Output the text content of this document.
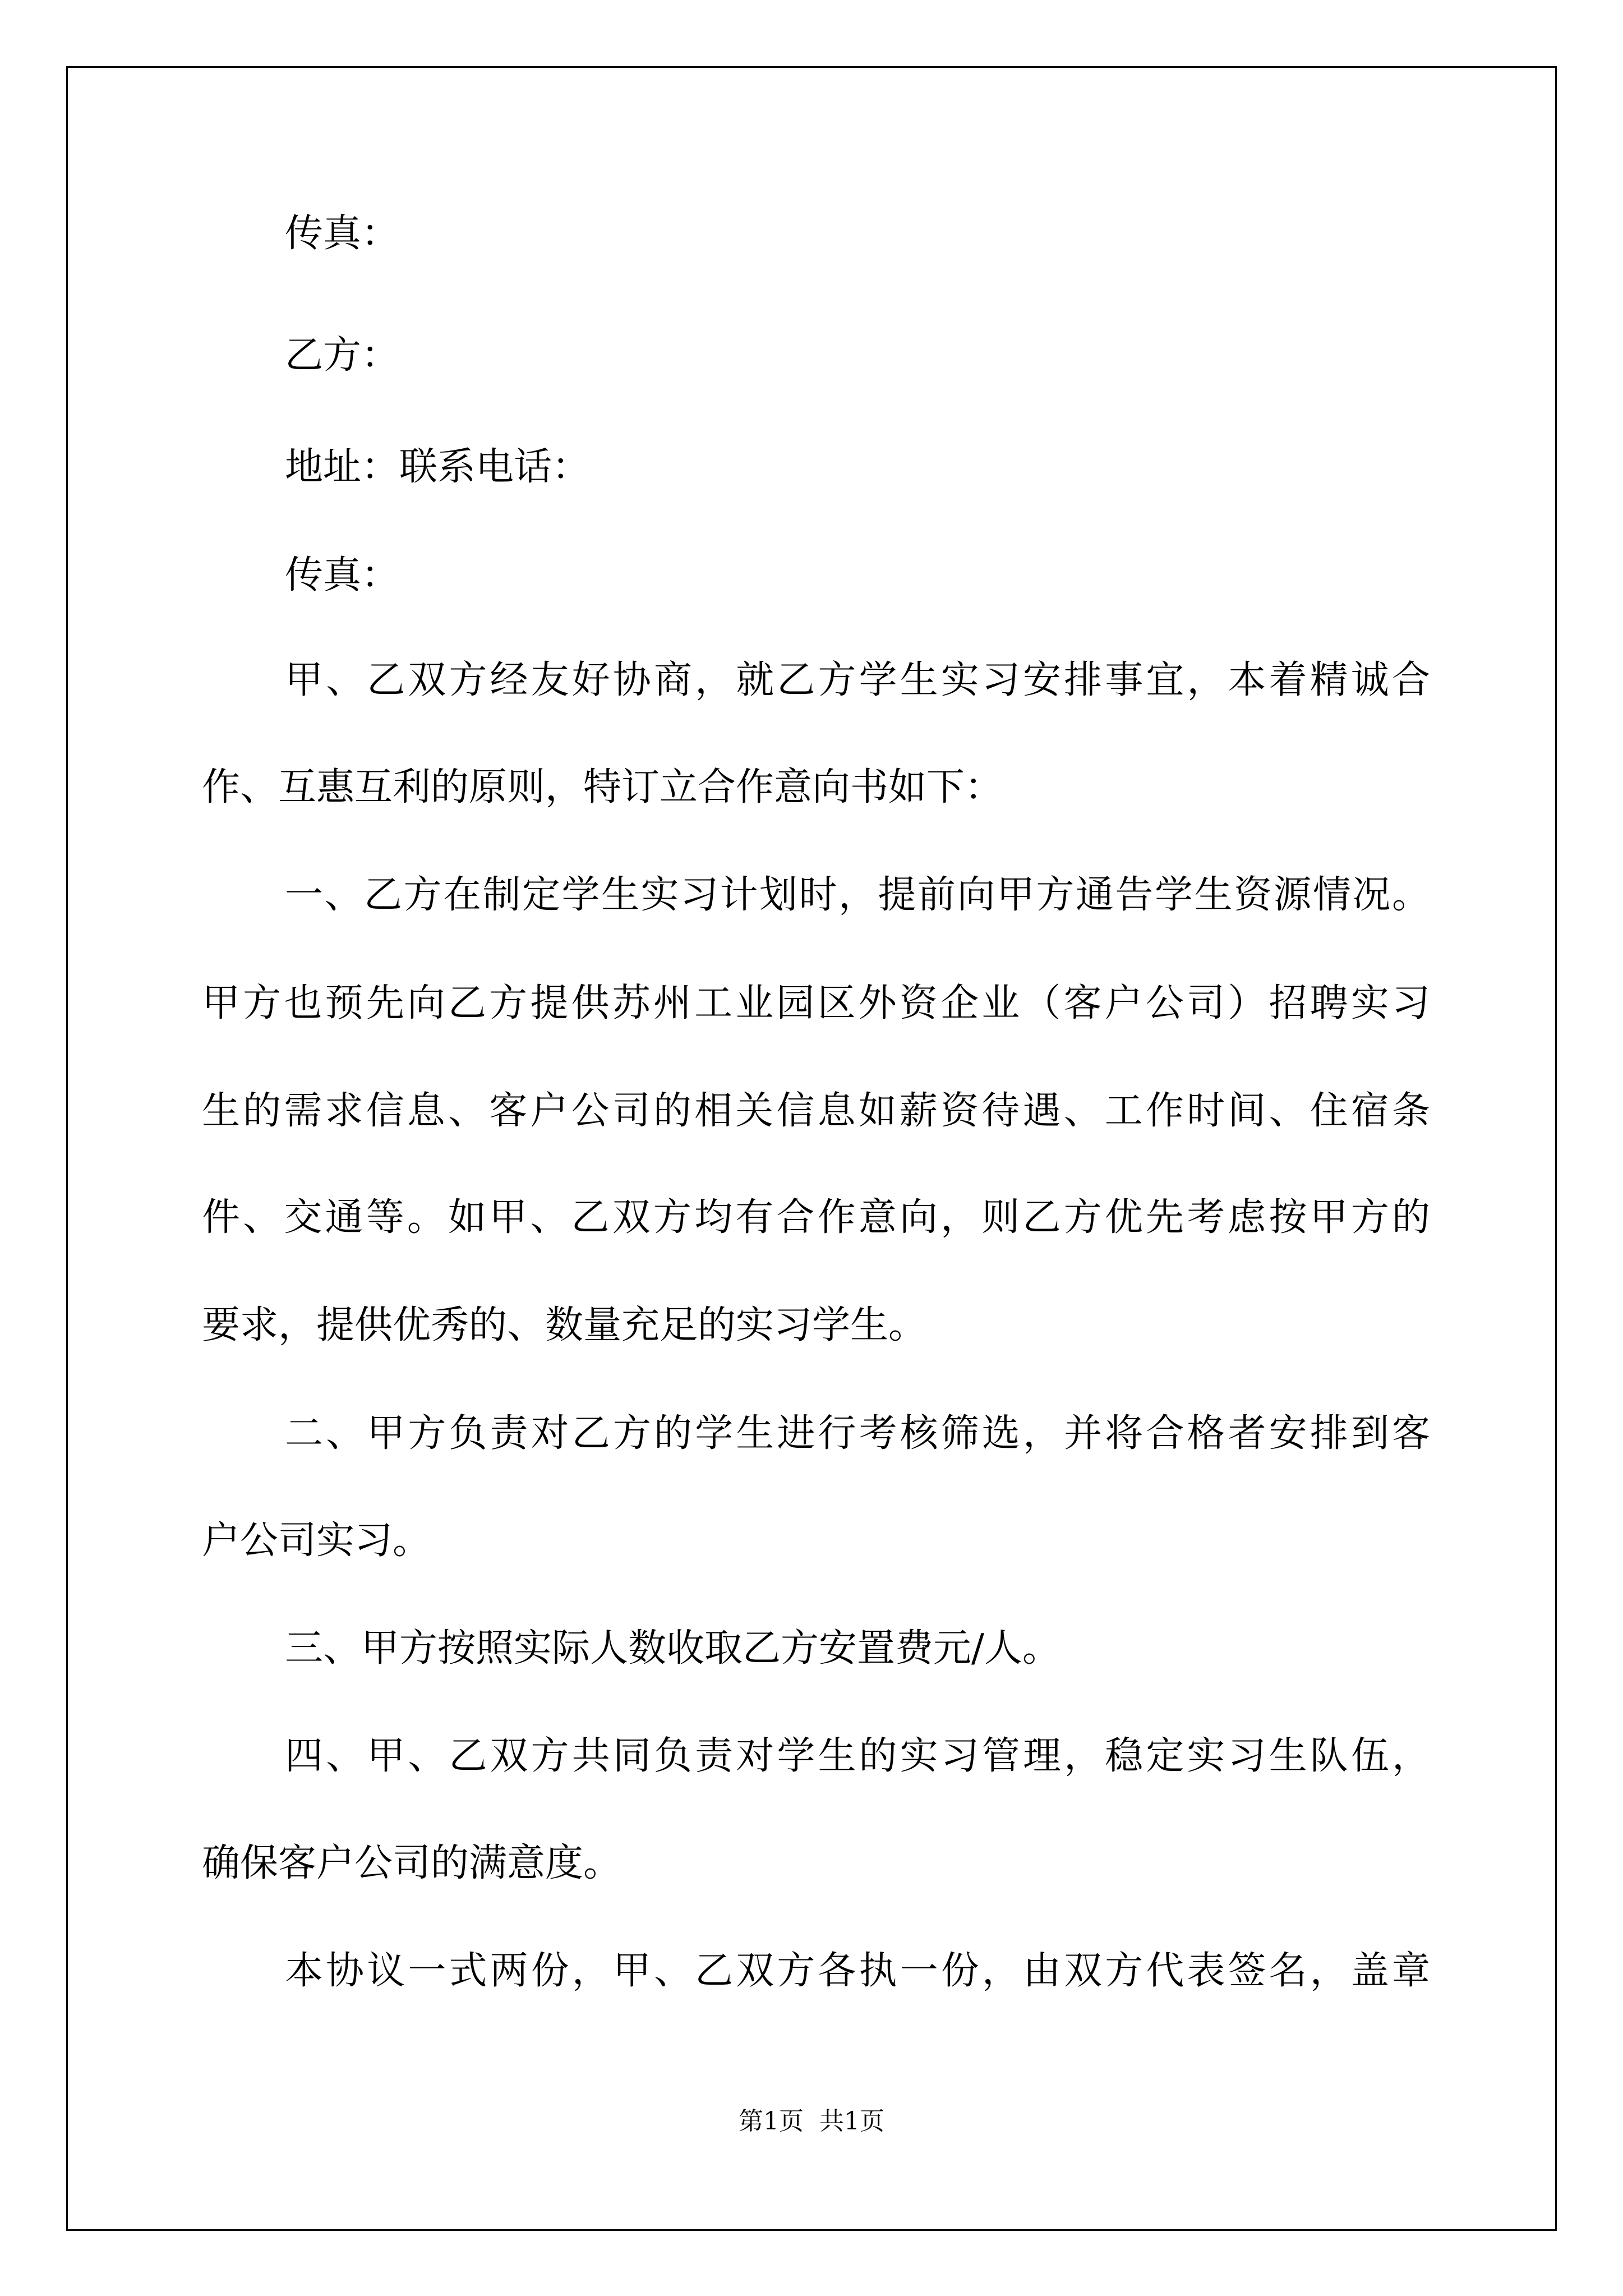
传真：
乙方：
地址：联系电话：
传真：
甲、乙双方经友好协商，就乙方学生实习安排事宜，本着精诚合
作、互惠互利的原则，特订立合作意向书如下：
一、乙方在制定学生实习计划时，提前向甲方通告学生资源情况。
甲方也预先向乙方提供苏州工业园区外资企业（客户公司）招聘实习
生的需求信息、客户公司的相关信息如薪资待遇、工作时间、住宿条
件、交通等。如甲、乙双方均有合作意向，则乙方优先考虑按甲方的
要求，提供优秀的、数量充足的实习学生。
二、甲方负责对乙方的学生进行考核筛选，并将合格者安排到客
户公司实习。
三、甲方按照实际人数收取乙方安置费元/人。
四、甲、乙双方共同负责对学生的实习管理，稳定实习生队伍，
确保客户公司的满意度。
本协议一式两份，甲、乙双方各执一份，由双方代表签名，盖章
第1页 共1页
